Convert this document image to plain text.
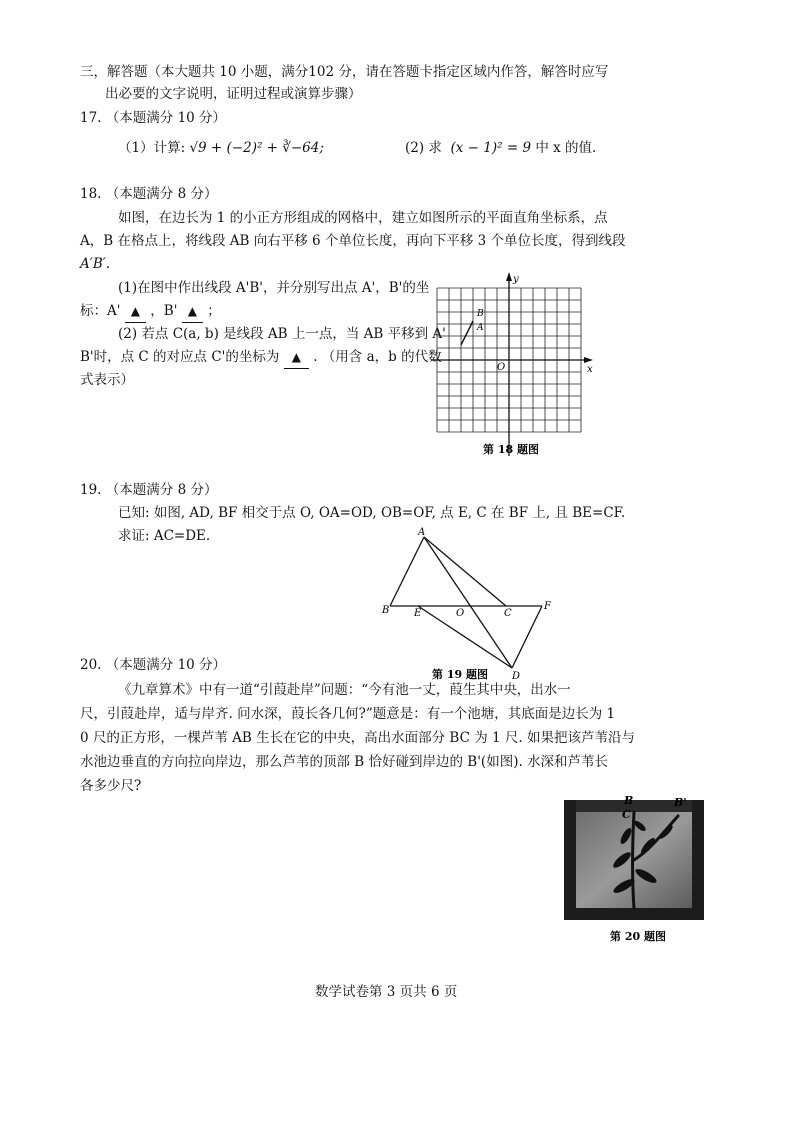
三，解答题（本大题共 10 小题，满分102 分，请在答题卡指定区域内作答，解答时应写
出必要的文字说明，证明过程或演算步骤）
17. （本题满分 10 分）
（1）计算: √9 + (−2)² + ∛−64;	(2) 求 (x − 1)² = 9 中 x 的值.
18. （本题满分 8 分）
如图，在边长为 1 的小正方形组成的网格中，建立如图所示的平面直角坐标系，点
A，B 在格点上，将线段 AB 向右平移 6 个单位长度，再向下平移 3 个单位长度，得到线段
A′B′.
(1)在图中作出线段 A'B'，并分别写出点 A'，B'的坐
标：A' ▲ ，B' ▲ ；
(2) 若点 C(a, b) 是线段 AB 上一点，当 AB 平移到 A'
B'时，点 C 的对应点 C'的坐标为 ▲ . （用含 a，b 的代数
式表示）
x
y
O
A
B
第 18 题图
19. （本题满分 8 分）
已知: 如图, AD, BF 相交于点 O, OA=OD, OB=OF, 点 E, C 在 BF 上, 且 BE=CF.
求证: AC=DE.	A
B E	O	C
F
D
第 19 题图
20. （本题满分 10 分）
《九章算术》中有一道“引葭赴岸”问题：“今有池一丈，葭生其中央，出水一
尺，引葭赴岸，适与岸齐. 问水深，葭长各几何?”题意是：有一个池塘，其底面是边长为 1
0 尺的正方形，一棵芦苇 AB 生长在它的中央，高出水面部分 BC 为 1 尺. 如果把该芦苇沿与
水池边垂直的方向拉向岸边，那么芦苇的顶部 B 恰好碰到岸边的 B'(如图). 水深和芦苇长
各多少尺?
B
C
B'
第 20 题图
数学试卷第 3 页共 6 页
